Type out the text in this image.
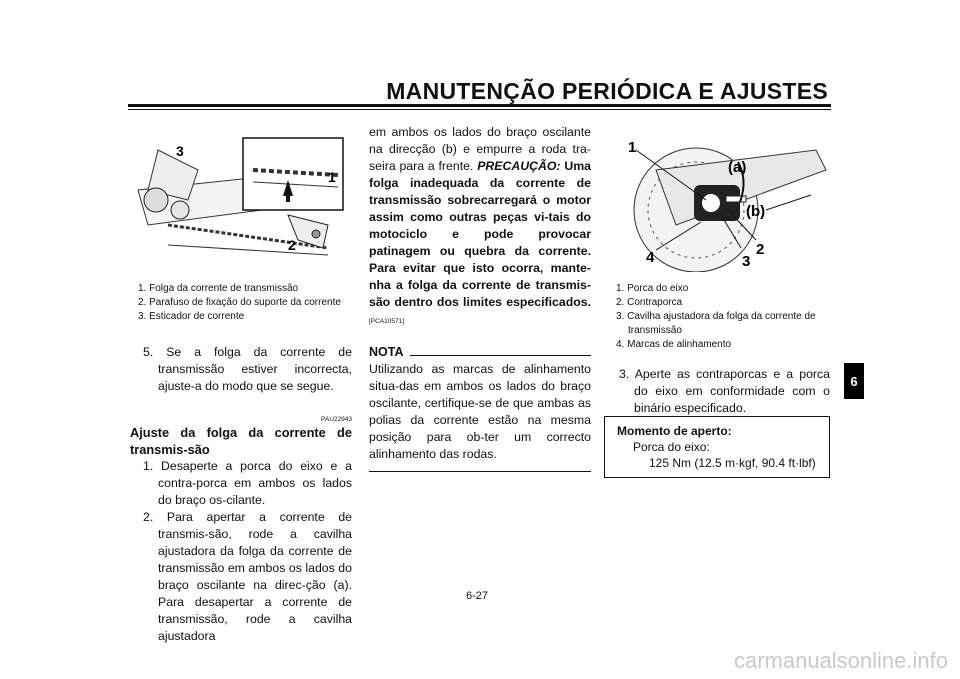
MANUTENÇÃO PERIÓDICA E AJUSTES
6
3
1
2
1. Folga da corrente de transmissão
2. Parafuso de fixação do suporte da corrente
3. Esticador de corrente
5. Se a folga da corrente de transmissão estiver incorrecta, ajuste-a do modo que se segue.
PAU22943
Ajuste da folga da corrente de transmis-são
1. Desaperte a porca do eixo e a contra-porca em ambos os lados do braço os-cilante.
2. Para apertar a corrente de transmis-são, rode a cavilha ajustadora da folga da corrente de transmissão em ambos os lados do braço oscilante na direc-ção (a). Para desapertar a corrente de transmissão, rode a cavilha ajustadora
em ambos os lados do braço oscilante na direcção (b) e empurre a roda tra-seira para a frente. PRECAUÇÃO: Uma folga inadequada da corrente de transmissão sobrecarregará o motor assim como outras peças vi-tais do motociclo e pode provocar patinagem ou quebra da corrente. Para evitar que isto ocorra, mante-nha a folga da corrente de transmis-são dentro dos limites especificados.[PCA10571]
NOTA
Utilizando as marcas de alinhamento situa-das em ambos os lados do braço oscilante, certifique-se de que ambas as polias da corrente estão na mesma posição para ob-ter um correcto alinhamento das rodas.
1
2
3
4
(a)
(b)
1. Porca do eixo
2. Contraporca
3. Cavilha ajustadora da folga da corrente de transmissão
4. Marcas de alinhamento
3. Aperte as contraporcas e a porca do eixo em conformidade com o binário especificado.
Momento de aperto:
Porca do eixo:
125 Nm (12.5 m·kgf, 90.4 ft·lbf)
6-27
carmanualsonline.info
